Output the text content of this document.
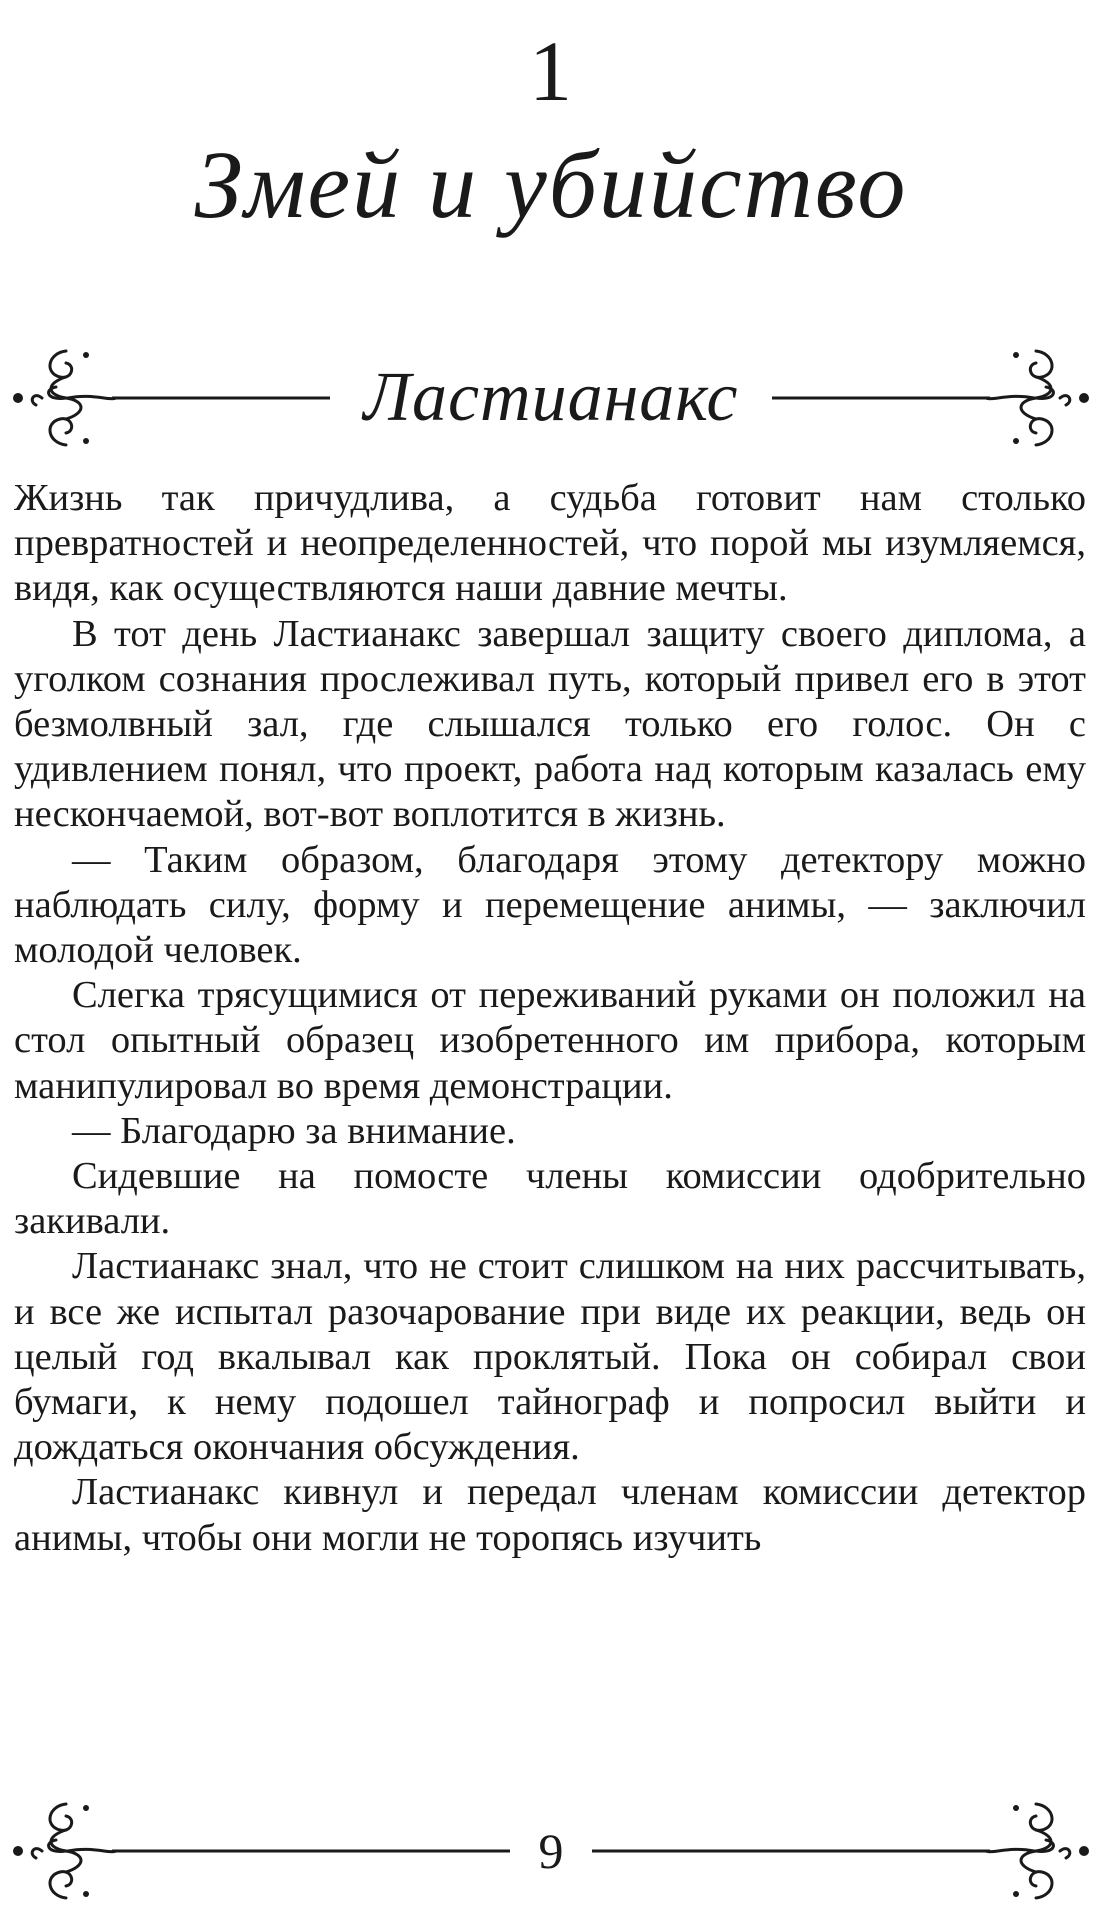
1
Змей и убийство
Ластианакс

Жизнь так причудлива, а судьба готовит нам столько превратностей и неопределенностей, что порой мы изумляемся, видя, как осуществляются наши давние мечты.

В тот день Ластианакс завершал защиту своего диплома, а уголком сознания прослеживал путь, который привел его в этот безмолвный зал, где слышался только его голос. Он с удивлением понял, что проект, работа над которым казалась ему нескончаемой, вот-вот воплотится в жизнь.

— Таким образом, благодаря этому детектору можно наблюдать силу, форму и перемещение анимы, — заключил молодой человек.

Слегка трясущимися от переживаний руками он положил на стол опытный образец изобретенного им прибора, которым манипулировал во время демонстрации.

— Благодарю за внимание.

Сидевшие на помосте члены комиссии одобрительно закивали.

Ластианакс знал, что не стоит слишком на них рассчитывать, и все же испытал разочарование при виде их реакции, ведь он целый год вкалывал как проклятый. Пока он собирал свои бумаги, к нему подошел тайнограф и попросил выйти и дождаться окончания обсуждения.

Ластианакс кивнул и передал членам комиссии детектор анимы, чтобы они могли не торопясь изучить

9
